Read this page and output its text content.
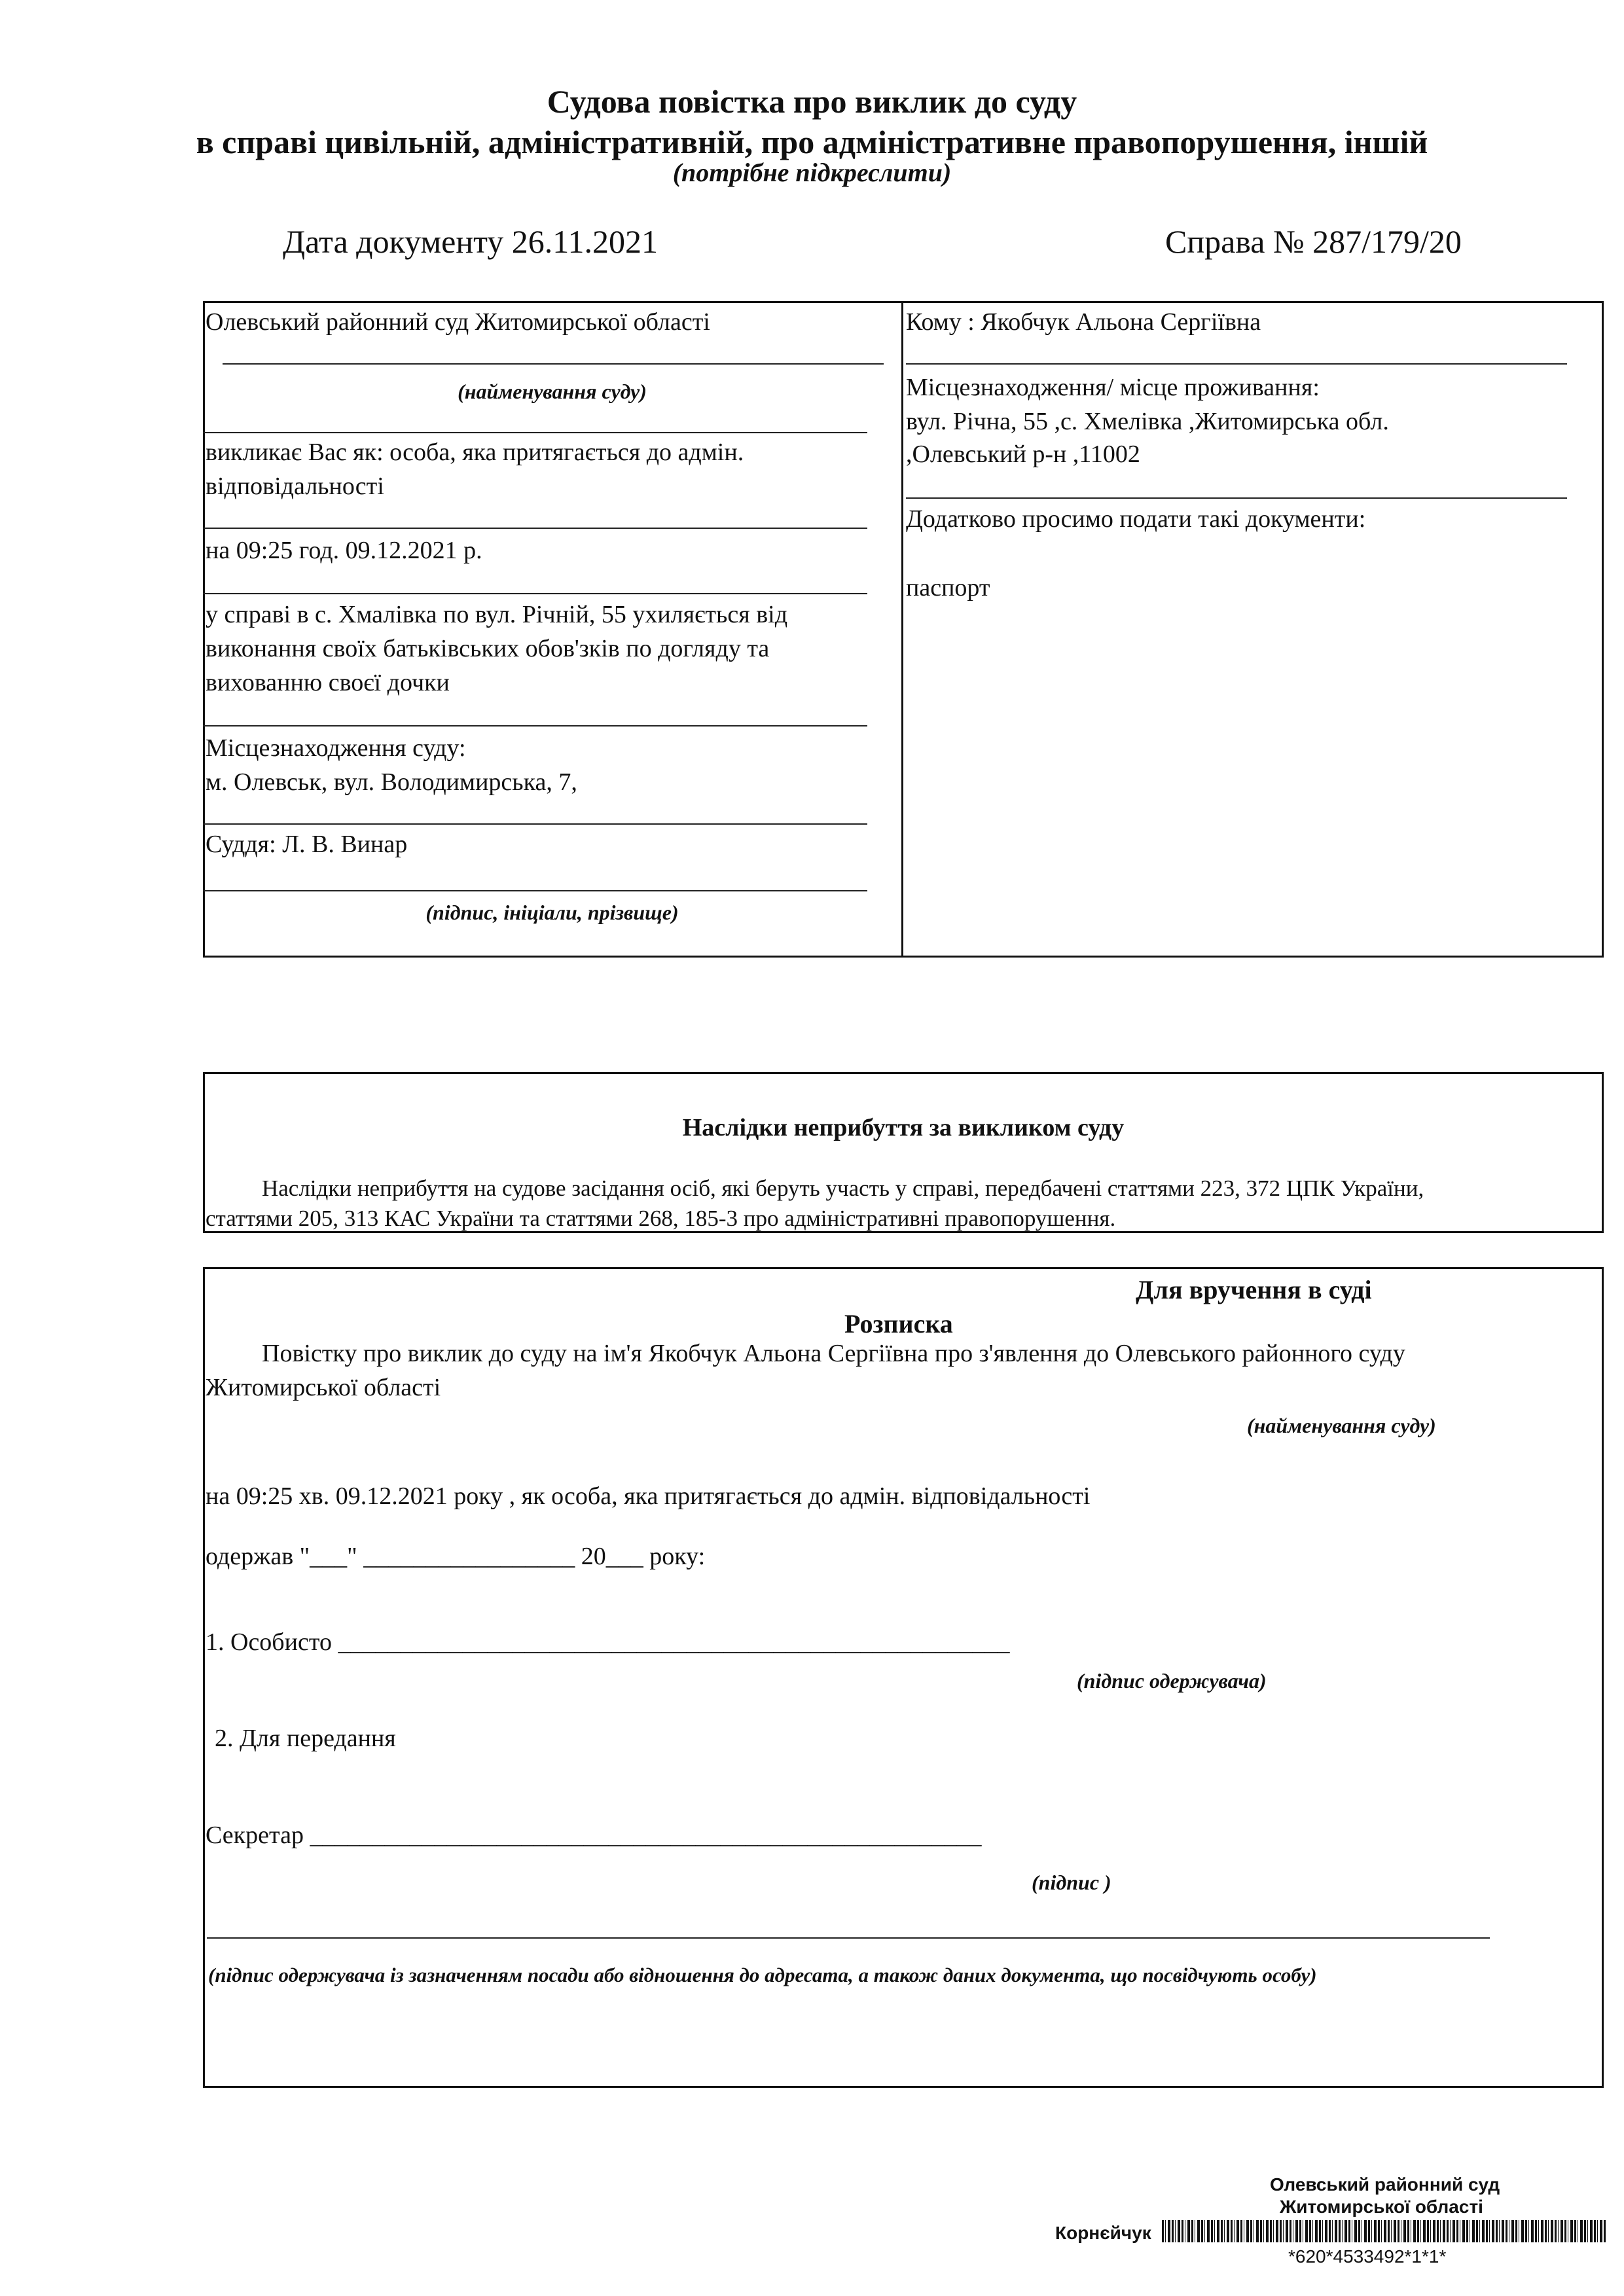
Судова повістка про виклик до суду
в справі цивільній, адміністративній, про адміністративне правопорушення, іншій
(потрібне підкреслити)
Дата документу 26.11.2021	Справа № 287/179/20
Олевський районний суд Житомирської області
(найменування суду)
викликає Вас як: особа, яка притягається до адмін.
відповідальності
на 09:25 год. 09.12.2021 р.
у справі в с. Хмалівка по вул. Річній, 55 ухиляється від
виконання своїх батьківських обов'зків по догляду та
вихованню своєї дочки
Місцезнаходження суду:
м. Олевськ, вул. Володимирська, 7,
Суддя: Л. В. Винар
(підпис, ініціали, прізвище)
Кому : Якобчук Альона Сергіївна
Місцезнаходження/ місце проживання:
вул. Річна, 55 ,с. Хмелівка ,Житомирська обл.
,Олевський р-н ,11002
Додатково просимо подати такі документи:
паспорт
Наслідки неприбуття за викликом суду
Наслідки неприбуття на судове засідання осіб, які беруть участь у справі, передбачені статтями 223, 372 ЦПК України,
статтями 205, 313 КАС України та статтями 268, 185-3 про адміністративні правопорушення.
Для вручення в суді
Розписка
Повістку про виклик до суду на ім'я Якобчук Альона Сергіївна про з'явлення до Олевського районного суду
Житомирської області
(найменування суду)
на 09:25 хв. 09.12.2021 року , як особа, яка притягається до адмін. відповідальності
одержав "___" _________________ 20___ року:
1. Особисто ______________________________________________________
(підпис одержувача)
2. Для передання
Секретар ______________________________________________________
(підпис )
(підпис одержувача із зазначенням посади або відношення до адресата, а також даних документа, що посвідчують особу)
Олевський районний суд
Житомирської області
Корнєйчук
*620*4533492*1*1*
